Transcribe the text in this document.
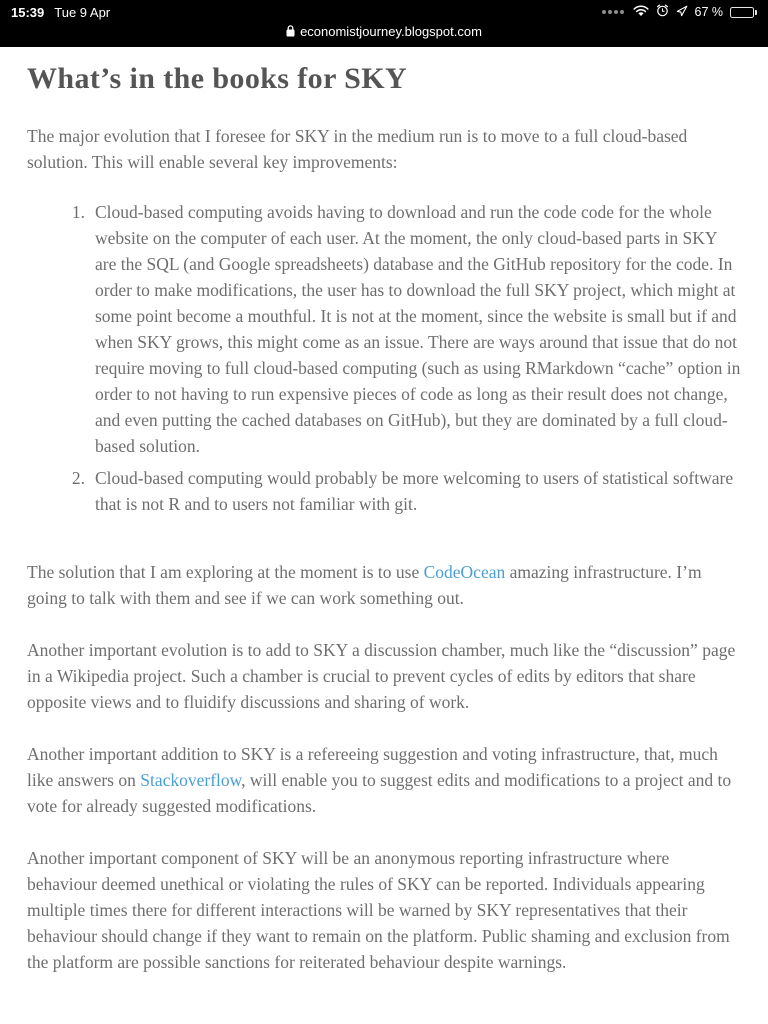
15:39 Tue 9 Apr	67 %
economistjourney.blogspot.com
What’s in the books for SKY

The major evolution that I foresee for SKY in the medium run is to move to a full cloud-based solution. This will enable several key improvements:

1. Cloud-based computing avoids having to download and run the code code for the whole website on the computer of each user. At the moment, the only cloud-based parts in SKY are the SQL (and Google spreadsheets) database and the GitHub repository for the code. In order to make modifications, the user has to download the full SKY project, which might at some point become a mouthful. It is not at the moment, since the website is small but if and when SKY grows, this might come as an issue. There are ways around that issue that do not require moving to full cloud-based computing (such as using RMarkdown “cache” option in order to not having to run expensive pieces of code as long as their result does not change, and even putting the cached databases on GitHub), but they are dominated by a full cloud-based solution.
2. Cloud-based computing would probably be more welcoming to users of statistical software that is not R and to users not familiar with git.

The solution that I am exploring at the moment is to use CodeOcean amazing infrastructure. I’m going to talk with them and see if we can work something out.

Another important evolution is to add to SKY a discussion chamber, much like the “discussion” page in a Wikipedia project. Such a chamber is crucial to prevent cycles of edits by editors that share opposite views and to fluidify discussions and sharing of work.

Another important addition to SKY is a refereeing suggestion and voting infrastructure, that, much like answers on Stackoverflow, will enable you to suggest edits and modifications to a project and to vote for already suggested modifications.

Another important component of SKY will be an anonymous reporting infrastructure where behaviour deemed unethical or violating the rules of SKY can be reported. Individuals appearing multiple times there for different interactions will be warned by SKY representatives that their behaviour should change if they want to remain on the platform. Public shaming and exclusion from the platform are possible sanctions for reiterated behaviour despite warnings.
